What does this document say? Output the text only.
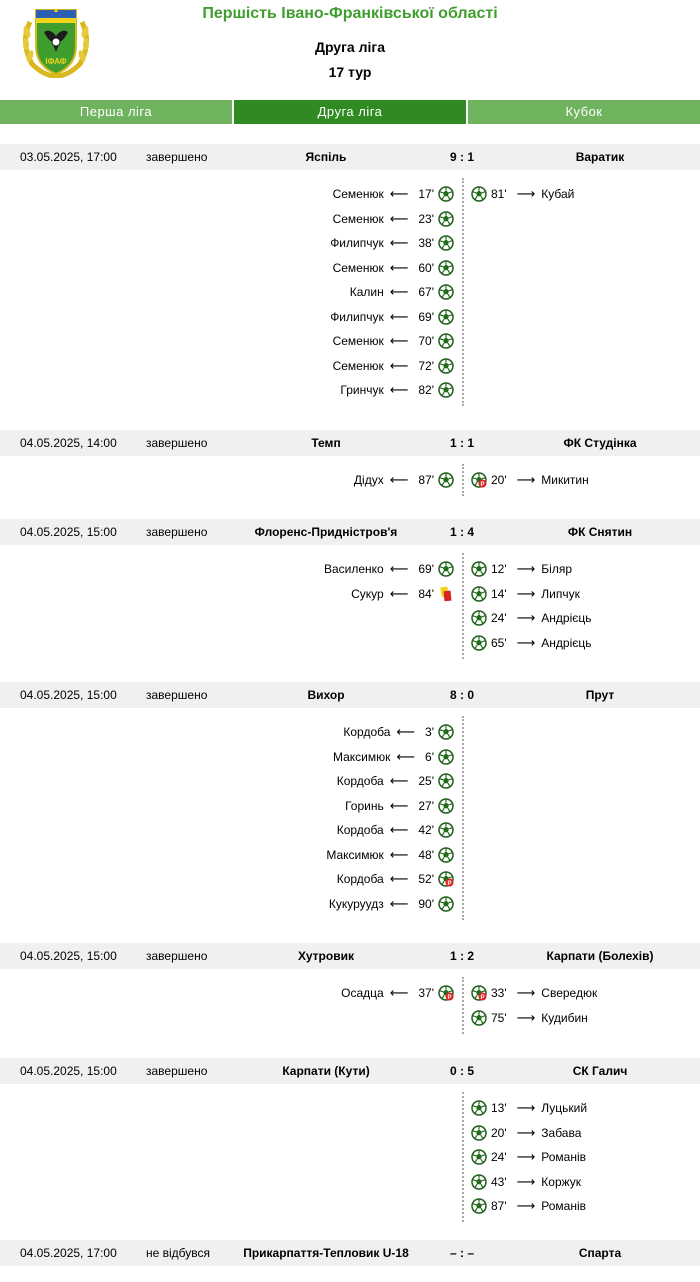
ІФАФ
Першість Івано-Франківської області
Друга ліга
17 тур
Перша ліга	Друга ліга	Кубок
03.05.2025, 17:00 завершено	Яспіль	9 : 1	Варатик
Семенюк ⟵ 17'
Семенюк ⟵ 23'
Филипчук ⟵ 38'
Семенюк ⟵ 60'
Калин ⟵ 67'
Филипчук ⟵ 69'
Семенюк ⟵ 70'
Семенюк ⟵ 72'
Гринчук ⟵ 82'
81' ⟶ Кубай
04.05.2025, 14:00 завершено	Темп	1 : 1	ФК Студінка
Дідух ⟵ 87'	P 20' ⟶ Микитин
04.05.2025, 15:00 завершено	Флоренс-Придністров'я	1 : 4	ФК Снятин
Василенко ⟵ 69'
Сукур ⟵ 84'
12' ⟶ Біляр
14' ⟶ Липчук
24' ⟶ Андрієць
65' ⟶ Андрієць
04.05.2025, 15:00 завершено	Вихор	8 : 0	Прут
Кордоба ⟵ 3'
Максимюк ⟵ 6'
Кордоба ⟵ 25'
Горинь ⟵ 27'
Кордоба ⟵ 42'
Максимюк ⟵ 48'
Кордоба ⟵ 52' P
Кукуруудз ⟵ 90'
04.05.2025, 15:00 завершено	Хутровик	1 : 2	Карпати (Болехів)
Осадца ⟵ 37' P	P 33' ⟶ Свередюк
75' ⟶ Кудибин
04.05.2025, 15:00 завершено	Карпати (Кути)	0 : 5	СК Галич
13' ⟶ Луцький
20' ⟶ Забава
24' ⟶ Романів
43' ⟶ Коржук
87' ⟶ Романів
04.05.2025, 17:00 не відбувся	Прикарпаття-Тепловик U-18	– : –	Спарта
